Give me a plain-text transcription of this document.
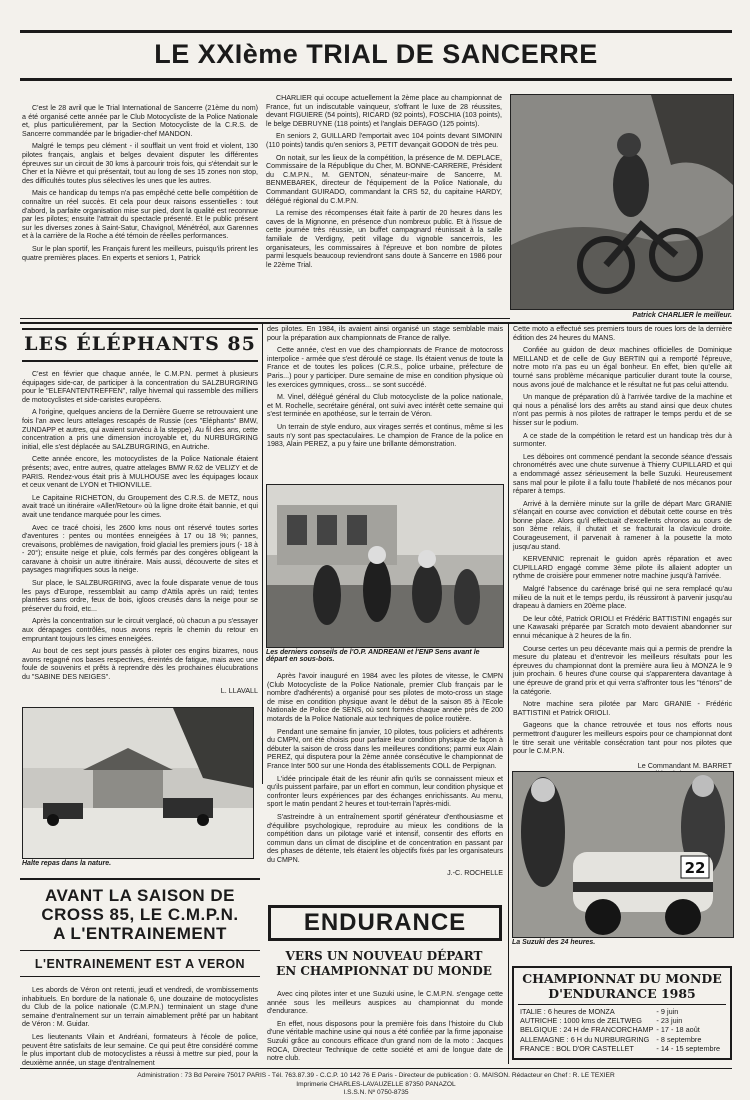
LE XXIème TRIAL DE SANCERRE

C'est le 28 avril que le Trial International de Sancerre (21ème du nom) a été organisé cette année par le Club Motocycliste de la Police Nationale et, plus particulièrement, par la Section Motocycliste de la C.R.S. de Sancerre commandée par le brigadier-chef MANDON.

Malgré le temps peu clément - il soufflait un vent froid et violent, 130 pilotes français, anglais et belges devaient disputer les différentes épreuves sur un circuit de 30 kms à parcourir trois fois, qui s'étendait sur le Cher et la Nièvre et qui présentait, tout au long de ses 15 zones non stop, des difficultés toutes plus sélectives les unes que les autres.

Mais ce handicap du temps n'a pas empêché cette belle compétition de connaître un réel succès. Et cela pour deux raisons essentielles : tout d'abord, la parfaite organisation mise sur pied, dont la qualité est reconnue par les pilotes; ensuite l'attrait du spectacle présenté. Et le public présent sur les diverses zones à Saint-Satur, Chavignol, Ménétréol, aux Garennes et à la carrière de la Roche a été témoin de réelles performances.

Sur le plan sportif, les Français furent les meilleurs, puisqu'ils prirent les quatre premières places. En experts et seniors 1, Patrick

CHARLIER qui occupe actuellement la 2ème place au championnat de France, fut un indiscutable vainqueur, s'offrant le luxe de 28 réussites, devant FIGUIERE (54 points), RICARD (92 points), FOSCHIA (103 points), le belge DEBRUYNE (118 points) et l'anglais DEFAGO (125 points).

En seniors 2, GUILLARD l'emportait avec 104 points devant SIMONIN (110 points) tandis qu'en seniors 3, PETIT devançait GODON de très peu.

On notait, sur les lieux de la compétition, la présence de M. DEPLACE, Commissaire de la République du Cher, M. BONNE-CARRERE, Président du C.M.P.N., M. GENTON, sénateur-maire de Sancerre, M. BENMEBAREK, directeur de l'équipement de la Police Nationale, du Commandant GUIRADO, commandant la CRS 52, du capitaine HARDY, délégué régional du C.M.P.N.

La remise des récompenses était faite à partir de 20 heures dans les caves de la Mignonne, en présence d'un nombreux public. Et à l'issue de cette journée très réussie, un buffet campagnard réunissait à la salle familiale de Verdigny, petit village du vignoble sancerrois, les organisateurs, les commissaires à l'épreuve et bon nombre de pilotes parmi lesquels beaucoup reviendront sans doute à Sancerre en 1986 pour le 22ème Trial.

Patrick CHARLIER le meilleur.
LES ÉLÉPHANTS 85

C'est en février que chaque année, le C.M.P.N. permet à plusieurs équipages side-car, de participer à la concentration du SALZBURGRING pour le "ELEFANTENTREFFEN", rallye hivernal qui rassemble des milliers de motocyclistes et side-caristes européens.

A l'origine, quelques anciens de la Dernière Guerre se retrouvaient une fois l'an avec leurs attelages rescapés de Russie (ces "Eléphants" BMW, ZUNDAPP et autres, qui avaient survécu à la steppe). Au fil des ans, cette concentration a pris une dimension incroyable et, du NURBURGRING initial, elle s'est déplacée au SALZBURGRING, en Autriche.

Cette année encore, les motocyclistes de la Police Nationale étaient présents; avec, entre autres, quatre attelages BMW R.62 de VELIZY et de PARIS. Rendez-vous était pris à MULHOUSE avec les équipages locaux et ceux venant de LYON et THIONVILLE.

Le Capitaine RICHETON, du Groupement des C.R.S. de METZ, nous avait tracé un itinéraire «Aller/Retour» où la ligne droite était bannie, et qui avait une tendance marquée pour les cimes.

Avec ce tracé choisi, les 2600 kms nous ont réservé toutes sortes d'aventures : pentes ou montées enneigées à 17 ou 18 %; pannes, crevaisons, problèmes de navigation, froid glacial les premiers jours (- 18 à - 20°); ensuite neige et pluie, cols fermés par des congères obligeant la caravane à choisir un autre itinéraire. Mais aussi, découverte de sites et paysages magnifiques sous la neige.

Sur place, le SALZBURGRING, avec la foule disparate venue de tous les pays d'Europe, ressemblait au camp d'Attila après un raid; tentes plantées sans ordre, feux de bois, igloos creusés dans la neige pour se préserver du froid, etc...

Après la concentration sur le circuit verglacé, où chacun a pu s'essayer aux dérapages contrôlés, nous avons repris le chemin du retour en empruntant toujours les cimes enneigées.

Au bout de ces sept jours passés à piloter ces engins bizarres, nous avons regagné nos bases respectives, éreintés de fatigue, mais avec une foule de souvenirs et prêts à reprendre dès les prochaines élucubrations du "SABINE DES NEIGES".

L. LLAVALL
Halte repas dans la nature.
AVANT LA SAISON DE
CROSS 85, LE C.M.P.N.
A L'ENTRAINEMENT
L'ENTRAINEMENT EST A VERON

Les abords de Véron ont retenti, jeudi et vendredi, de vrombissements inhabituels. En bordure de la nationale 6, une douzaine de motocyclistes du Club de la police nationale (C.M.P.N.) terminaient un stage d'une semaine d'entraînement sur un terrain aimablement prêté par un habitant de Véron : M. Guidar.

Les lieutenants Vilain et Andréani, formateurs à l'école de police, peuvent être satisfaits de leur semaine. Ce qui peut être considéré comme le plus important club de motocyclistes a réussi à mettre sur pied, pour la deuxième année, un stage d'entraînement

des pilotes. En 1984, ils avaient ainsi organisé un stage semblable mais pour la préparation aux championnats de France de rallye.

Cette année, c'est en vue des championnats de France de motocross interpolice - armée que s'est déroulé ce stage. Ils étaient venus de toute la France et de toutes les polices (C.R.S., police urbaine, préfecture de Paris...) pour y participer. Dure semaine de mise en condition physique où les exercices gymniques, cross... se sont succédé.

M. Vinel, délégué général du Club motocycliste de la police nationale, et M. Rochelle, secrétaire général, ont suivi avec intérêt cette semaine qui s'est terminée en apothéose, sur le terrain de Véron.

Un terrain de style enduro, aux virages serrés et continus, même si les sauts n'y sont pas spectaculaires. Le champion de France de la police en 1983, Alain PEREZ, a pu y faire une brillante démonstration.

Les derniers conseils de l'O.P. ANDREANI et l'ENP Sens avant le départ en sous-bois.

Après l'avoir inauguré en 1984 avec les pilotes de vitesse, le CMPN (Club Motocycliste de la Police Nationale, premier Club français par le nombre d'adhérents) a organisé pour ses pilotes de moto-cross un stage de mise en condition physique avant le début de la saison 85 à l'Ecole Nationale de Police de SENS, où sont formés chaque année près de 200 motards de la Police Nationale aux techniques de police routière.

Pendant une semaine fin janvier, 10 pilotes, tous policiers et adhérents du CMPN, ont été choisis pour parfaire leur condition physique de façon à débuter la saison de cross dans les meilleures conditions; parmi eux Alain PEREZ, qui disputera pour la 2ème année consécutive le championnat de France Inter 500 sur une Honda des établissements COLL de Perpignan.

L'idée principale était de les réunir afin qu'ils se connaissent mieux et qu'ils puissent parfaire, par un effort en commun, leur condition physique et confronter leurs expériences par des échanges enrichissants. Au menu, sport le matin pendant 2 heures et tout-terrain l'après-midi.

S'astreindre à un entraînement sportif générateur d'enthousiasme et d'équilibre psychologique, reproduire au mieux les conditions de la compétition dans un pilotage varié et intensif, consentir des efforts en commun dans un climat de discipline et de concentration en passant par des phases de détente, tels étaient les objectifs fixés par les organisateurs du CMPN.

J.-C. ROCHELLE
ENDURANCE
VERS UN NOUVEAU DÉPART
EN CHAMPIONNAT DU MONDE

Avec cinq pilotes inter et une Suzuki usine, le C.M.P.N. s'engage cette année sous les meilleurs auspices au championnat du monde d'endurance.

En effet, nous disposons pour la première fois dans l'histoire du Club d'une véritable machine usine qui nous a été confiée par la firme japonaise Suzuki grâce au concours efficace d'un grand nom de la moto : Jacques ROCA, Directeur Technique de cette société et ami de longue date de notre club.

Cette moto a effectué ses premiers tours de roues lors de la dernière édition des 24 heures du MANS.

Confiée au guidon de deux machines officielles de Dominique MEILLAND et de celle de Guy BERTIN qui a remporté l'épreuve, notre moto n'a pas eu un égal bonheur. En effet, bien qu'elle ait tourné sans problème mécanique particulier durant toute la course, nous avons joué de malchance et le résultat ne fut pas celui attendu.

Un manque de préparation dû à l'arrivée tardive de la machine et qui nous a pénalisé lors des arrêts au stand ainsi que deux chutes n'ont pas permis à nos pilotes de rattraper le temps perdu et de se hisser sur le podium.

A ce stade de la compétition le retard est un handicap très dur à surmonter.

Les déboires ont commencé pendant la seconde séance d'essais chronométrés avec une chute survenue à Thierry CUPILLARD et qui a endommagé assez sérieusement la belle Suzuki. Heureusement sans mal pour le pilote il a fallu toute l'habileté de nos mécanos pour réparer à temps.

Arrivé à la dernière minute sur la grille de départ Marc GRANIE s'élançait en course avec conviction et débutait cette course en très bonne place. Alors qu'il effectuait d'excellents chronos au cours de son 3ème relais, il chutait et se fracturait la clavicule droite. Courageusement, il parvenait à ramener à la pousette la moto jusqu'au stand.

KERVENNIC reprenait le guidon après réparation et avec CUPILLARD engagé comme 3ème pilote ils allaient adopter un rythme de croisière pour emmener notre machine jusqu'à l'arrivée.

Malgré l'absence du carénage brisé qui ne sera remplacé qu'au milieu de la nuit et le temps perdu, ils réussiront à parvenir jusqu'au drapeau à damiers en 20ème place.

De leur côté, Patrick ORIOLI et Frédéric BATTISTINI engagés sur une Kawasaki préparée par Scratch moto devaient abandonner sur ennui mécanique à 2 heures de la fin.

Course certes un peu décevante mais qui a permis de prendre la mesure du plateau et d'entrevoir les meilleurs résultats pour les épreuves du championnat dont la première aura lieu à MONZA le 9 juin prochain. 6 heures d'une course qui s'apparentera davantage à une épreuve de grand prix et qui verra s'affronter tous les "ténors" de la catégorie.

Notre machine sera pilotée par Marc GRANIE - Frédéric BATTISTINI et Patrick ORIOLI.

Gageons que la chance retrouvée et tous nos efforts nous permettront d'augurer les meilleurs espoirs pour ce championnat dont le titre serait une véritable consécration tant pour nos pilotes que pour le C.M.P.N.

Le Commandant M. BARRET
22
La Suzuki des 24 heures.
CHAMPIONNAT DU MONDE
D'ENDURANCE 1985
ITALIE : 6 heures de MONZA	- 9 juin
AUTRICHE : 1000 kms de ZELTWEG	- 23 juin
BELGIQUE : 24 H de FRANCORCHAMP	- 17 - 18 août
ALLEMAGNE : 6 H du NURBURGRING	- 8 septembre
FRANCE : BOL D'OR CASTELLET	- 14 - 15 septembre
Administration : 73 Bd Pereire 75017 PARIS - Tél. 763.87.39 - C.C.P. 10 142 76 E Paris - Directeur de publication : G. MAISON. Rédacteur en Chef : R. LE TEXIER
Imprimerie CHARLES-LAVAUZELLE 87350 PANAZOL
I.S.S.N. Nº 0750-8735
